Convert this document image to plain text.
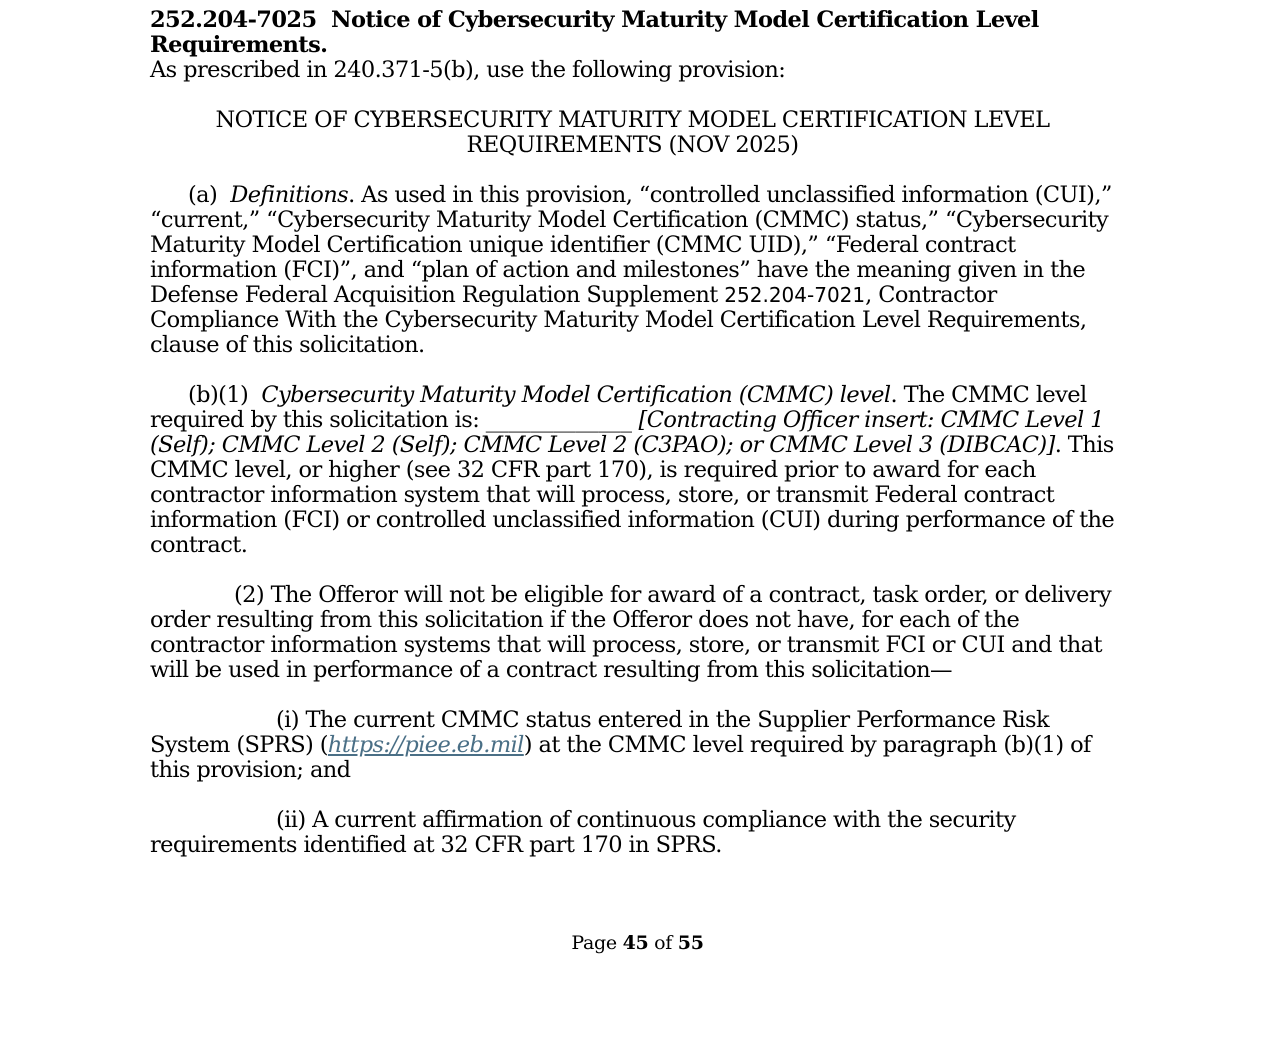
252.204-7025 Notice of Cybersecurity Maturity Model Certification Level Requirements.

As prescribed in 240.371-5(b), use the following provision:

NOTICE OF CYBERSECURITY MATURITY MODEL CERTIFICATION LEVEL REQUIREMENTS (NOV 2025)

(a) Definitions. As used in this provision, “controlled unclassified information (CUI),” “current,” “Cybersecurity Maturity Model Certification (CMMC) status,” “Cybersecurity Maturity Model Certification unique identifier (CMMC UID),” “Federal contract information (FCI)”, and “plan of action and milestones” have the meaning given in the Defense Federal Acquisition Regulation Supplement 252.204-7021, Contractor Compliance With the Cybersecurity Maturity Model Certification Level Requirements, clause of this solicitation.

(b)(1) Cybersecurity Maturity Model Certification (CMMC) level. The CMMC level required by this solicitation is: _____________ [Contracting Officer insert: CMMC Level 1 (Self); CMMC Level 2 (Self); CMMC Level 2 (C3PAO); or CMMC Level 3 (DIBCAC)]. This CMMC level, or higher (see 32 CFR part 170), is required prior to award for each contractor information system that will process, store, or transmit Federal contract information (FCI) or controlled unclassified information (CUI) during performance of the contract.

(2) The Offeror will not be eligible for award of a contract, task order, or delivery order resulting from this solicitation if the Offeror does not have, for each of the contractor information systems that will process, store, or transmit FCI or CUI and that will be used in performance of a contract resulting from this solicitation—

(i) The current CMMC status entered in the Supplier Performance Risk System (SPRS) (https://piee.eb.mil) at the CMMC level required by paragraph (b)(1) of this provision; and

(ii) A current affirmation of continuous compliance with the security requirements identified at 32 CFR part 170 in SPRS.

Page 45 of 55
